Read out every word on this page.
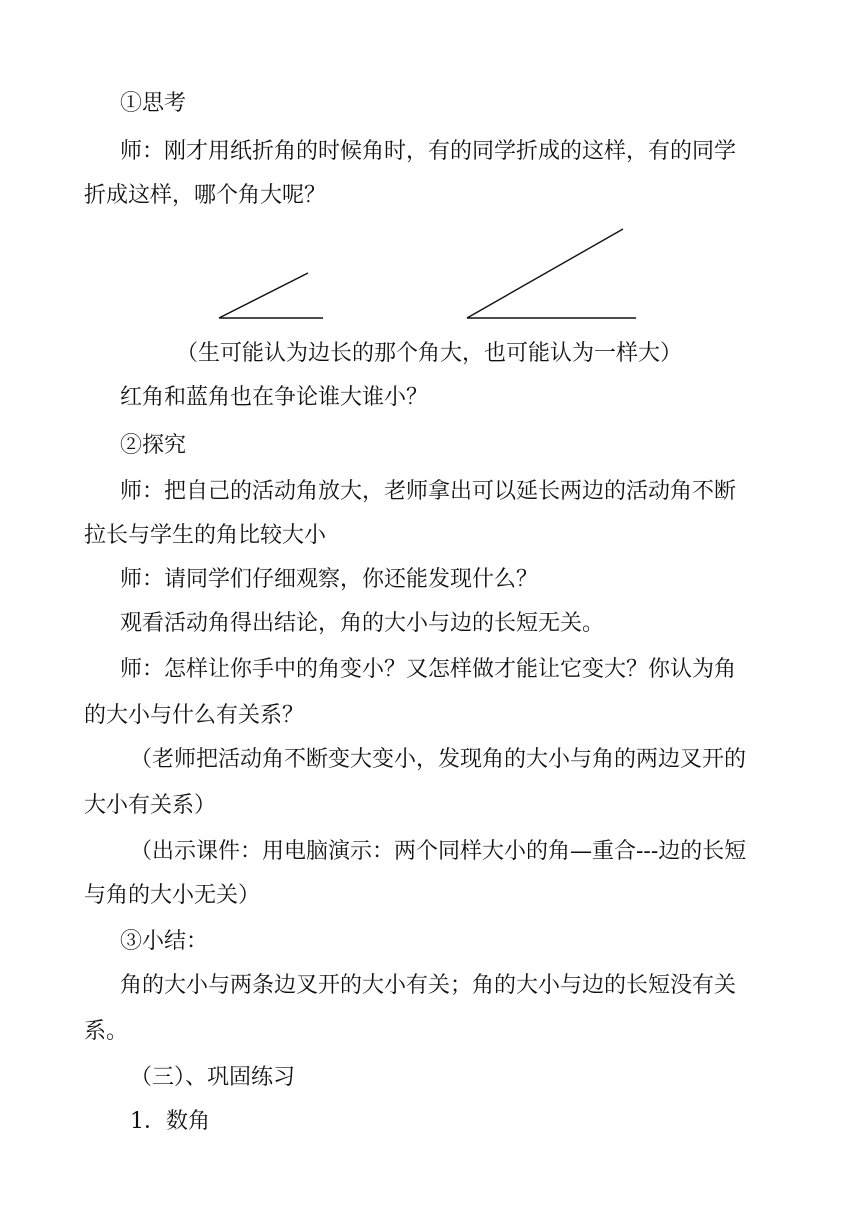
①思考
师：刚才用纸折角的时候角时，有的同学折成的这样，有的同学
折成这样，哪个角大呢？
（生可能认为边长的那个角大，也可能认为一样大）
红角和蓝角也在争论谁大谁小？
②探究
师：把自己的活动角放大，老师拿出可以延长两边的活动角不断
拉长与学生的角比较大小
师：请同学们仔细观察，你还能发现什么？
观看活动角得出结论，角的大小与边的长短无关。
师：怎样让你手中的角变小？又怎样做才能让它变大？你认为角
的大小与什么有关系？
（老师把活动角不断变大变小，发现角的大小与角的两边叉开的
大小有关系）
（出示课件：用电脑演示：两个同样大小的角—重合---边的长短
与角的大小无关）
③小结：
角的大小与两条边叉开的大小有关；角的大小与边的长短没有关
系。
（三）、巩固练习
1．数角
